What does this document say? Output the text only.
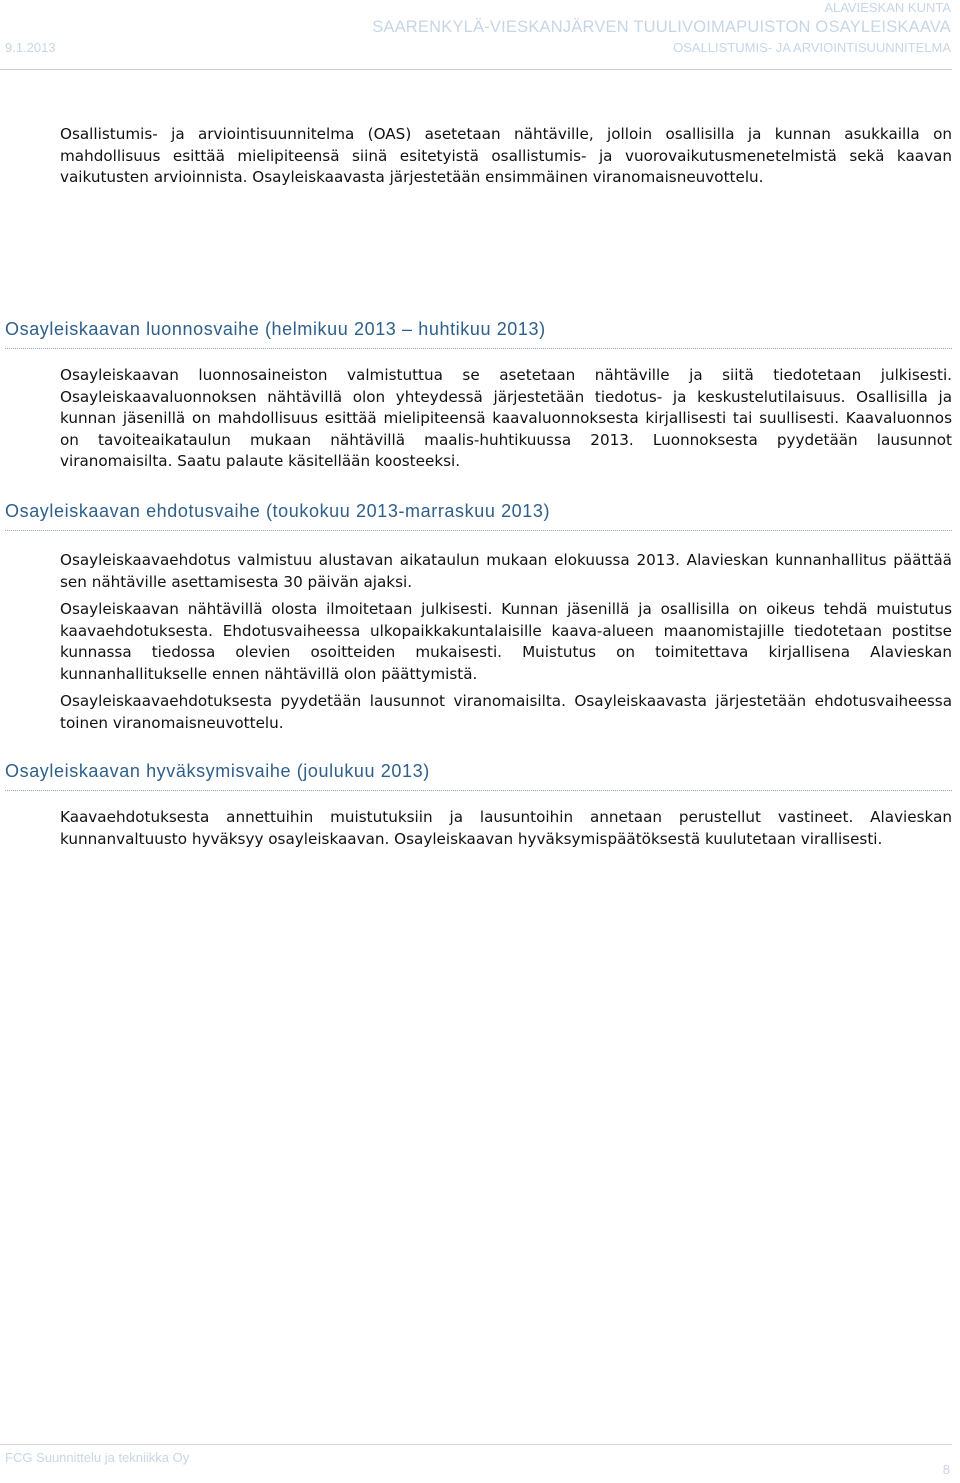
ALAVIESKAN KUNTA
SAARENKYLÄ-VIESKANJÄRVEN TUULIVOIMAPUISTON OSAYLEISKAAVA
9.1.2013	OSALLISTUMIS- JA ARVIOINTISUUNNITELMA

Osallistumis- ja arviointisuunnitelma (OAS) asetetaan nähtäville, jolloin osallisilla ja kunnan asukkailla on mahdollisuus esittää mielipiteensä siinä esitetyistä osallistumis- ja vuorovaikutusmenetelmistä sekä kaavan vaikutusten arvioinnista. Osayleiskaavasta järjestetään ensimmäinen viranomaisneuvottelu.

Osayleiskaavan luonnosvaihe (helmikuu 2013 – huhtikuu 2013)

Osayleiskaavan luonnosaineiston valmistuttua se asetetaan nähtäville ja siitä tiedotetaan julkisesti. Osayleiskaavaluonnoksen nähtävillä olon yhteydessä järjestetään tiedotus- ja keskustelutilaisuus. Osallisilla ja kunnan jäsenillä on mahdollisuus esittää mielipiteensä kaavaluonnoksesta kirjallisesti tai suullisesti. Kaavaluonnos on tavoiteaikataulun mukaan nähtävillä maalis-huhtikuussa 2013. Luonnoksesta pyydetään lausunnot viranomaisilta. Saatu palaute käsitellään koosteeksi.

Osayleiskaavan ehdotusvaihe (toukokuu 2013-marraskuu 2013)

Osayleiskaavaehdotus valmistuu alustavan aikataulun mukaan elokuussa 2013. Alavieskan kunnanhallitus päättää sen nähtäville asettamisesta 30 päivän ajaksi.

Osayleiskaavan nähtävillä olosta ilmoitetaan julkisesti. Kunnan jäsenillä ja osallisilla on oikeus tehdä muistutus kaavaehdotuksesta. Ehdotusvaiheessa ulkopaikkakuntalaisille kaava-alueen maanomistajille tiedotetaan postitse kunnassa tiedossa olevien osoitteiden mukaisesti. Muistutus on toimitettava kirjallisena Alavieskan kunnanhallitukselle ennen nähtävillä olon päättymistä.

Osayleiskaavaehdotuksesta pyydetään lausunnot viranomaisilta. Osayleiskaavasta järjestetään ehdotusvaiheessa toinen viranomaisneuvottelu.

Osayleiskaavan hyväksymisvaihe (joulukuu 2013)

Kaavaehdotuksesta annettuihin muistutuksiin ja lausuntoihin annetaan perustellut vastineet. Alavieskan kunnanvaltuusto hyväksyy osayleiskaavan. Osayleiskaavan hyväksymispäätöksestä kuulutetaan virallisesti.

FCG Suunnittelu ja tekniikka Oy
8
